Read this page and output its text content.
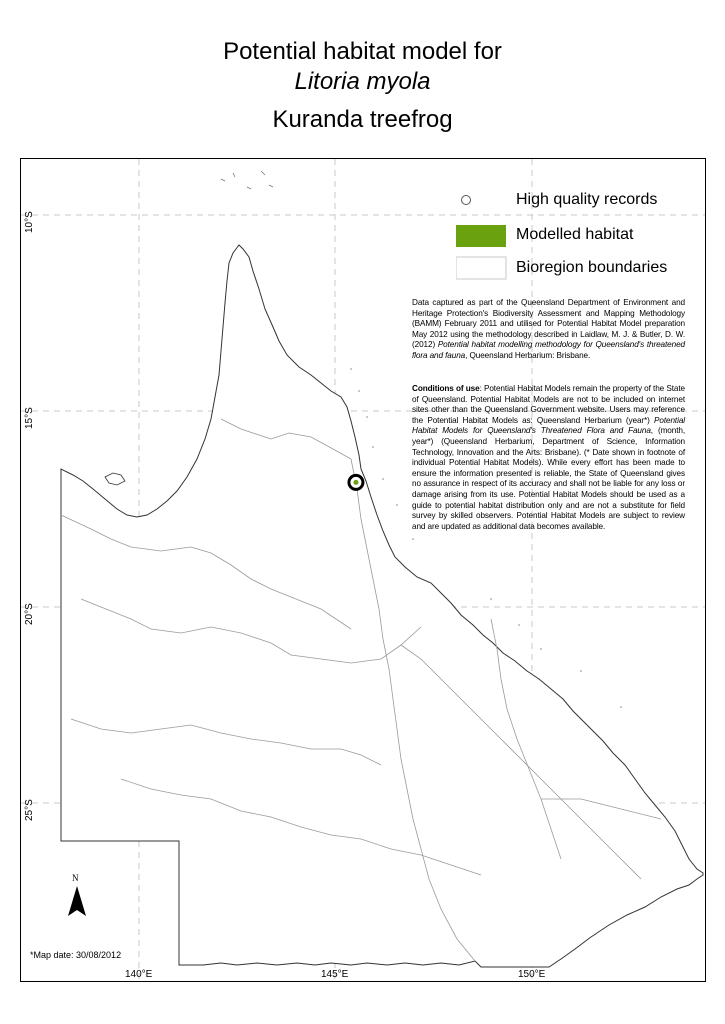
Potential habitat model for
Litoria myola
Kuranda treefrog
10°S
15°S
20°S
25°S
140°E	145°E	150°E
High quality records
Modelled habitat
Bioregion boundaries
Data captured as part of the Queensland Department of Environment and Heritage Protection's Biodiversity Assessment and Mapping Methodology (BAMM) February 2011 and utilised for Potential Habitat Model preparation May 2012 using the methodology described in Laidlaw, M. J. & Butler, D. W. (2012) Potential habitat modelling methodology for Queensland's threatened flora and fauna, Queensland Herbarium: Brisbane.
Conditions of use: Potential Habitat Models remain the property of the State of Queensland. Potential Habitat Models are not to be included on internet sites other than the Queensland Government website. Users may reference the Potential Habitat Models as: Queensland Herbarium (year*) Potential Habitat Models for Queensland's Threatened Flora and Fauna, (month, year*) (Queensland Herbarium, Department of Science, Information Technology, Innovation and the Arts: Brisbane). (* Date shown in footnote of individual Potential Habitat Models). While every effort has been made to ensure the information presented is reliable, the State of Queensland gives no assurance in respect of its accuracy and shall not be liable for any loss or damage arising from its use. Potential Habitat Models should be used as a guide to potential habitat distribution only and are not a substitute for field survey by skilled observers. Potential Habitat Models are subject to review and are updated as additional data becomes available.
N
*Map date: 30/08/2012
